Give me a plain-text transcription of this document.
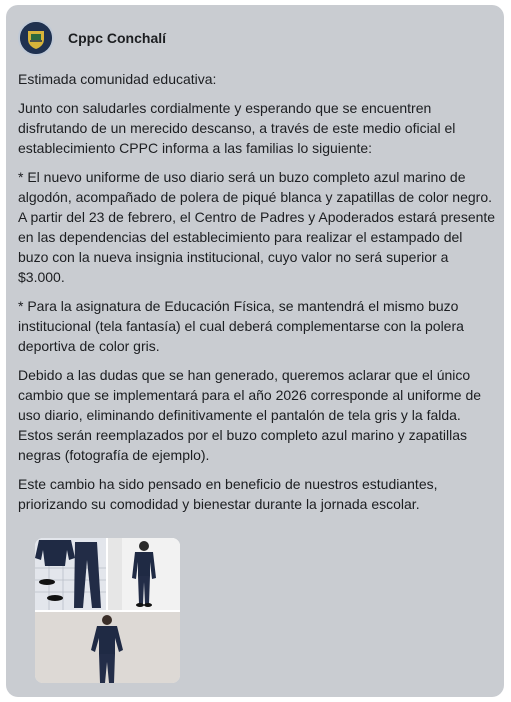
Cppc Conchalí

Estimada comunidad educativa:

Junto con saludarles cordialmente y esperando que se encuentren disfrutando de un merecido descanso, a través de este medio oficial el establecimiento CPPC informa a las familias lo siguiente:

* El nuevo uniforme de uso diario será un buzo completo azul marino de algodón, acompañado de polera de piqué blanca y zapatillas de color negro.
A partir del 23 de febrero, el Centro de Padres y Apoderados estará presente en las dependencias del establecimiento para realizar el estampado del buzo con la nueva insignia institucional, cuyo valor no será superior a $3.000.

* Para la asignatura de Educación Física, se mantendrá el mismo buzo institucional (tela fantasía) el cual deberá complementarse con la polera deportiva de color gris.

Debido a las dudas que se han generado, queremos aclarar que el único cambio que se implementará para el año 2026 corresponde al uniforme de uso diario, eliminando definitivamente el pantalón de tela gris y la falda. Estos serán reemplazados por el buzo completo azul marino y zapatillas negras (fotografía de ejemplo).

Este cambio ha sido pensado en beneficio de nuestros estudiantes, priorizando su comodidad y bienestar durante la jornada escolar.
